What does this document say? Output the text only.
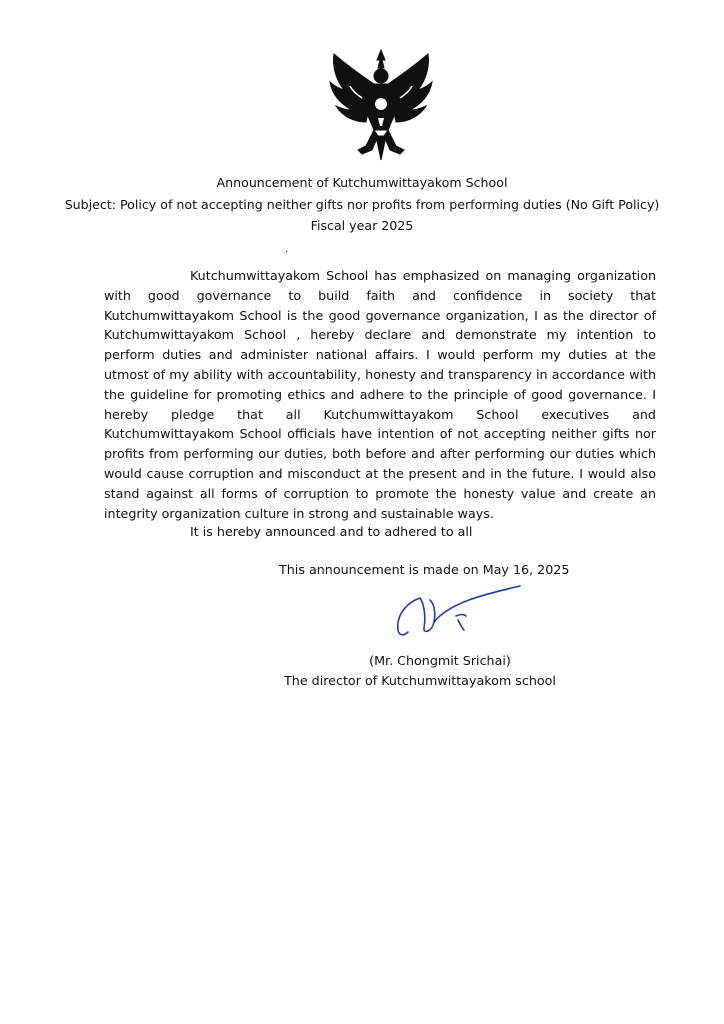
Announcement of Kutchumwittayakom School
Subject: Policy of not accepting neither gifts nor profits from performing duties (No Gift Policy)
Fiscal year 2025
.

Kutchumwittayakom School has emphasized on managing organization with good governance to build faith and confidence in society that Kutchumwittayakom School is the good governance organization, I as the director of Kutchumwittayakom School , hereby declare and demonstrate my intention to perform duties and administer national affairs. I would perform my duties at the utmost of my ability with accountability, honesty and transparency in accordance with the guideline for promoting ethics and adhere to the principle of good governance. I hereby pledge that all Kutchumwittayakom School executives and Kutchumwittayakom School officials have intention of not accepting neither gifts nor profits from performing our duties, both before and after performing our duties which would cause corruption and misconduct at the present and in the future. I would also stand against all forms of corruption to promote the honesty value and create an integrity organization culture in strong and sustainable ways.

It is hereby announced and to adhered to all
This announcement is made on May 16, 2025
(Mr. Chongmit Srichai)
The director of Kutchumwittayakom school
